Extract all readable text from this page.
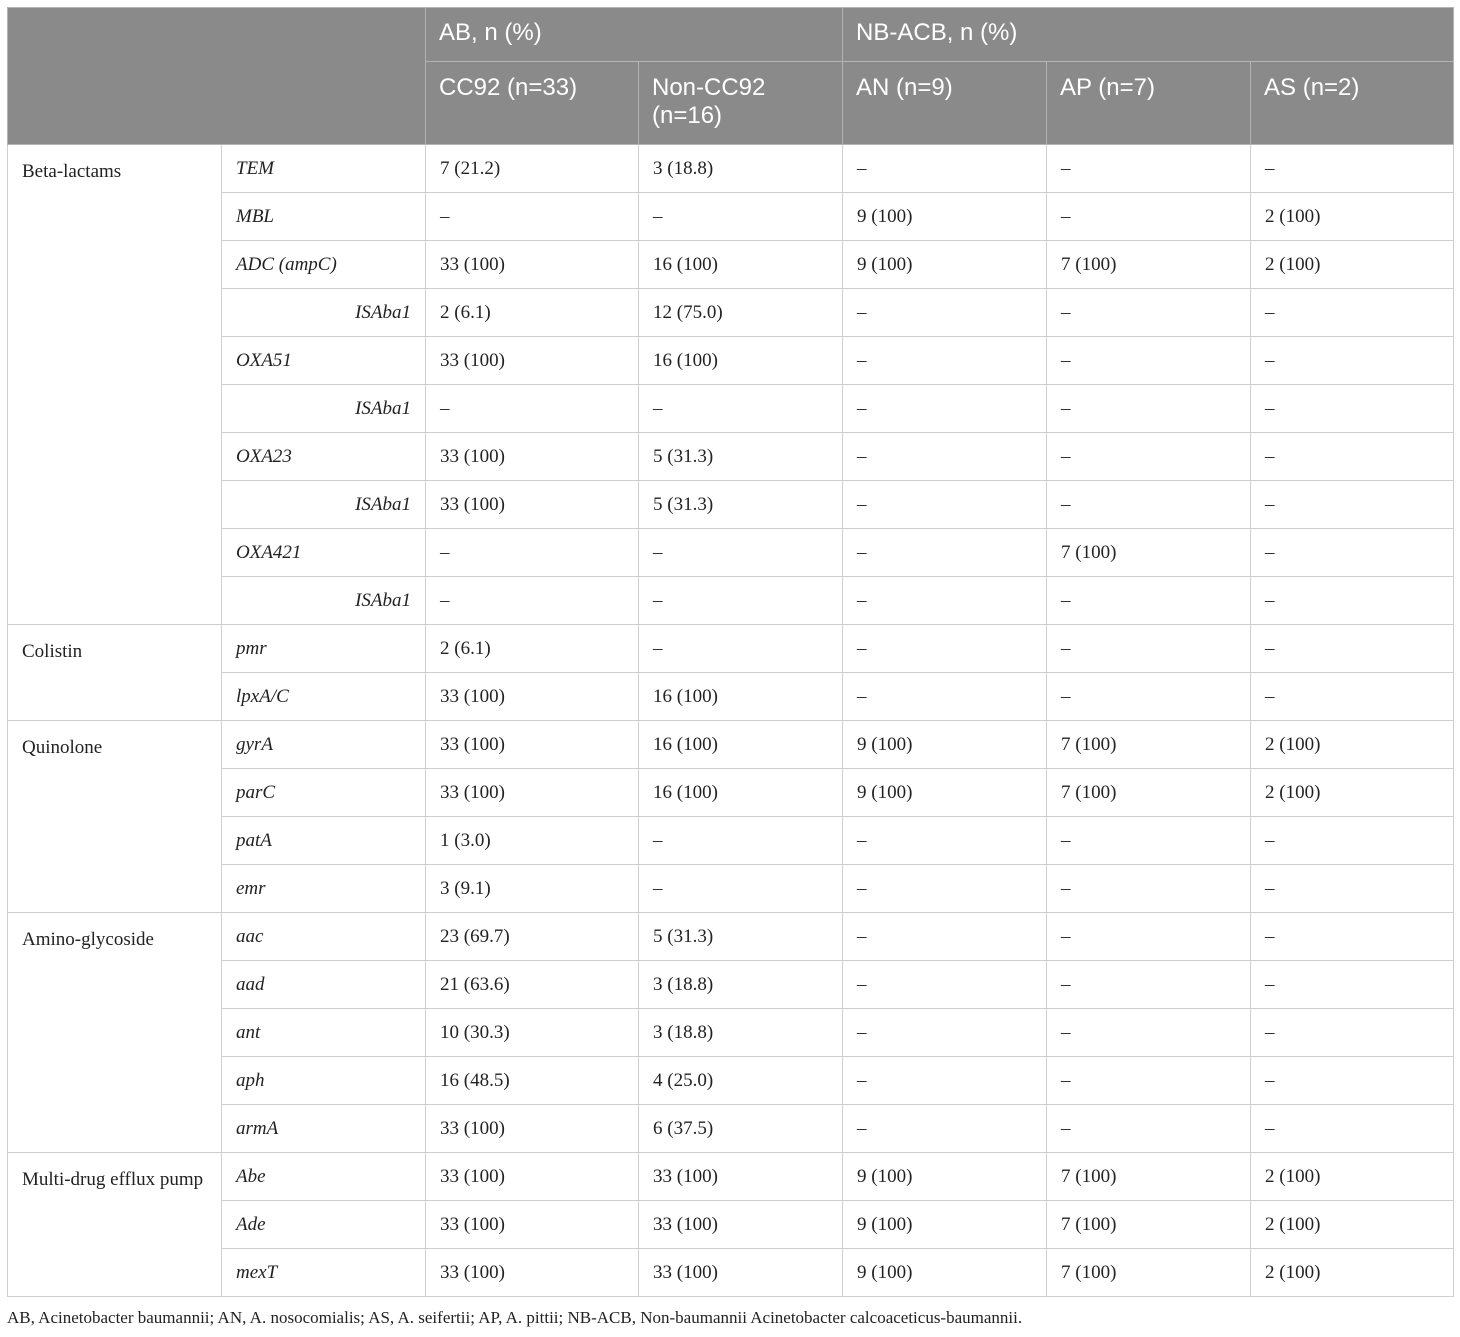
		AB, n (%)		NB-ACB, n (%)		
		CC92 (n=33)	Non-CC92 (n=16)	AN (n=9)	AP (n=7)	AS (n=2)
Beta-lactams	TEM	7 (21.2)	3 (18.8)	–	–	–
	MBL	–	–	9 (100)	–	2 (100)
	ADC (ampC)	33 (100)	16 (100)	9 (100)	7 (100)	2 (100)
	ISAba1	2 (6.1)	12 (75.0)	–	–	–
	OXA51	33 (100)	16 (100)	–	–	–
	ISAba1	–	–	–	–	–
	OXA23	33 (100)	5 (31.3)	–	–	–
	ISAba1	33 (100)	5 (31.3)	–	–	–
	OXA421	–	–	–	7 (100)	–
	ISAba1	–	–	–	–	–
Colistin	pmr	2 (6.1)	–	–	–	–
	lpxA/C	33 (100)	16 (100)	–	–	–
Quinolone	gyrA	33 (100)	16 (100)	9 (100)	7 (100)	2 (100)
	parC	33 (100)	16 (100)	9 (100)	7 (100)	2 (100)
	patA	1 (3.0)	–	–	–	–
	emr	3 (9.1)	–	–	–	–
Amino-glycoside	aac	23 (69.7)	5 (31.3)	–	–	–
	aad	21 (63.6)	3 (18.8)	–	–	–
	ant	10 (30.3)	3 (18.8)	–	–	–
	aph	16 (48.5)	4 (25.0)	–	–	–
	armA	33 (100)	6 (37.5)	–	–	–
Multi-drug efflux pump	Abe	33 (100)	33 (100)	9 (100)	7 (100)	2 (100)
	Ade	33 (100)	33 (100)	9 (100)	7 (100)	2 (100)
	mexT	33 (100)	33 (100)	9 (100)	7 (100)	2 (100)
AB, Acinetobacter baumannii; AN, A. nosocomialis; AS, A. seifertii; AP, A. pittii; NB-ACB, Non-baumannii Acinetobacter calcoaceticus-baumannii.
